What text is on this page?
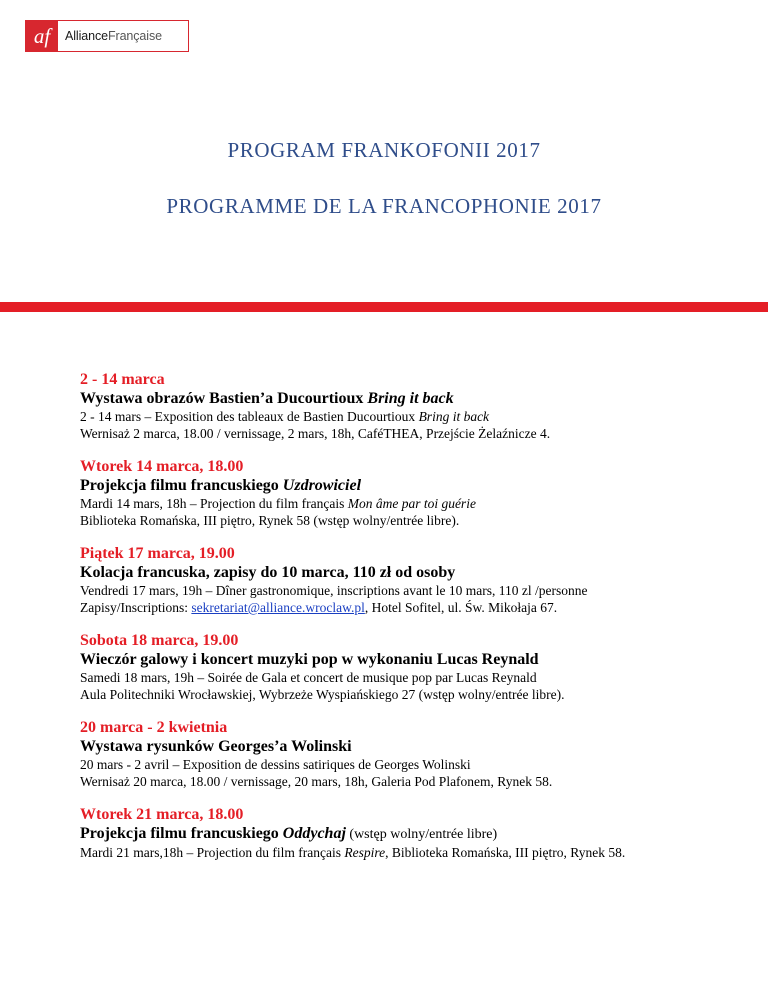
af	Alliance Française
PROGRAM FRANKOFONII 2017
PROGRAMME DE LA FRANCOPHONIE 2017
2 - 14 marca
Wystawa obrazów Bastien’a Ducourtioux Bring it back
2 - 14 mars – Exposition des tableaux de Bastien Ducourtioux Bring it back
Wernisaż 2 marca, 18.00 / vernissage, 2 mars, 18h, CaféTHEA, Przejście Żelaźnicze 4.
Wtorek 14 marca, 18.00
Projekcja filmu francuskiego Uzdrowiciel
Mardi 14 mars, 18h – Projection du film français Mon âme par toi guérie
Biblioteka Romańska, III piętro, Rynek 58 (wstęp wolny/entrée libre).
Piątek 17 marca, 19.00
Kolacja francuska, zapisy do 10 marca, 110 zł od osoby
Vendredi 17 mars, 19h – Dîner gastronomique, inscriptions avant le 10 mars, 110 zl /personne
Zapisy/Inscriptions: sekretariat@alliance.wroclaw.pl, Hotel Sofitel, ul. Św. Mikołaja 67.
Sobota 18 marca, 19.00
Wieczór galowy i koncert muzyki pop w wykonaniu Lucas Reynald
Samedi 18 mars, 19h – Soirée de Gala et concert de musique pop par Lucas Reynald
Aula Politechniki Wrocławskiej, Wybrzeże Wyspiańskiego 27 (wstęp wolny/entrée libre).
20 marca - 2 kwietnia
Wystawa rysunków Georges’a Wolinski
20 mars - 2 avril – Exposition de dessins satiriques de Georges Wolinski
Wernisaż 20 marca, 18.00 / vernissage, 20 mars, 18h, Galeria Pod Plafonem, Rynek 58.
Wtorek 21 marca, 18.00
Projekcja filmu francuskiego Oddychaj (wstęp wolny/entrée libre)
Mardi 21 mars,18h – Projection du film français Respire, Biblioteka Romańska, III piętro, Rynek 58.
